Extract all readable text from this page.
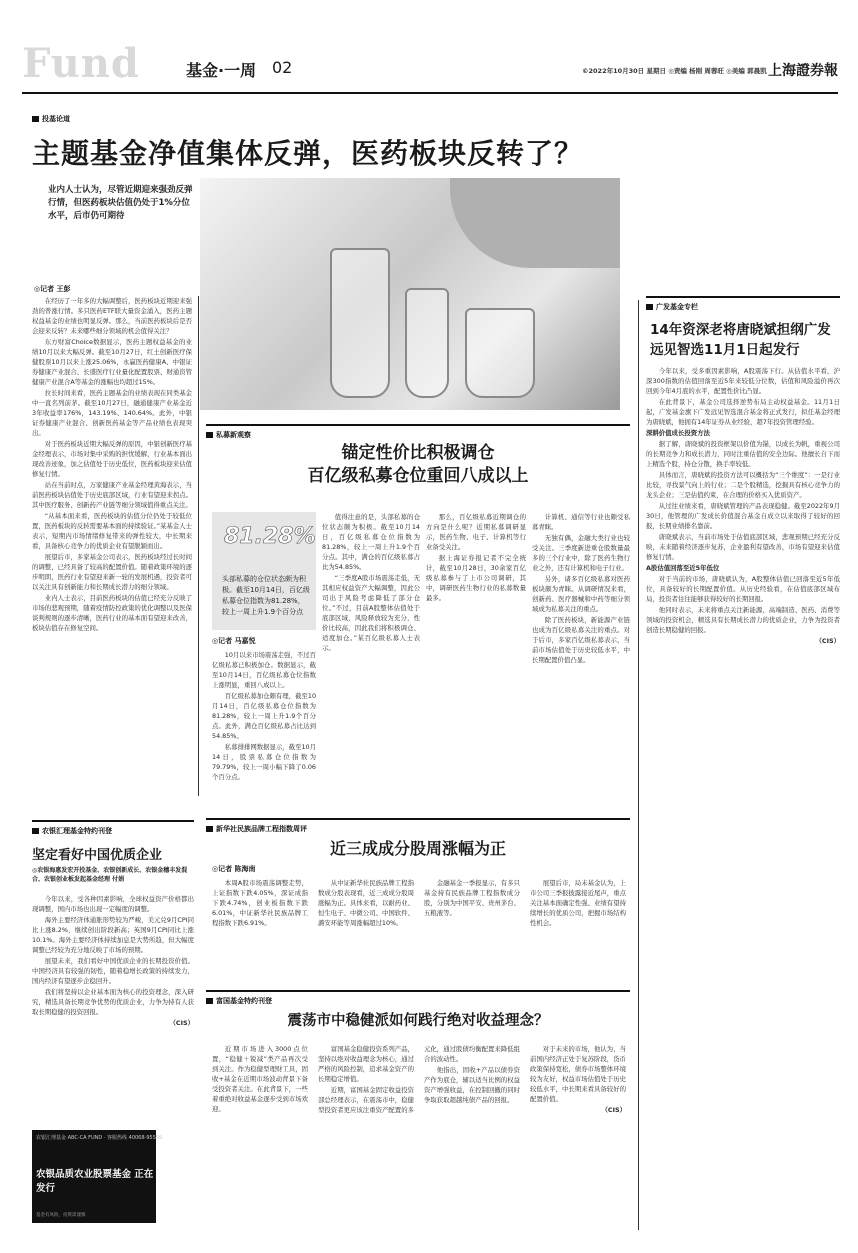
Fund	基金·一周 02	©2022年10月30日 星期日 ◎责编 杨刚 周蓉旺 ◎美编 郭晨凯 上海證券報
投基论道
主题基金净值集体反弹，医药板块反转了？
业内人士认为，尽管近期迎来强劲反弹行情，但医药板块估值仍处于1%分位水平，后市仍可期待
◎记者 王彭

在经历了一年多的大幅调整后，医药板块近期迎来强劲的普涨行情。多只医药ETF联大量资金涌入，医药主题权益基金的业绩也明显反弹。那么，当前医药板块后是否会迎来反转？未来哪些细分领域的机会值得关注？

东方财富Choice数据显示，医药主题权益基金的业绩10月以来大幅反弹。截至10月27日，红土创新医疗保健股票10月以来上涨25.06%，永赢医药健康A、中银证券健康产业混合、长盛医疗行业量化配置股票、财通资管健康产业混合A等基金的涨幅也均超过15%。

拉长时间来看，医药主题基金的业绩表现在同类基金中一直名列前茅。截至10月27日，融通健康产业基金近3年收益率176%，143.19%、140.64%。此外，中银证券健康产业混合、创新医药基金等产品业绩也表现突出。

对于医药板块近期大幅反弹的原因，中银创新医疗基金经理表示，市场对集中采购的担忧缓解，行业基本面出现改善迹象，加之估值处于历史低位，医药板块迎来估值修复行情。

站在当前时点，万家健康产业基金经理黄海表示，当前医药板块估值处于历史底部区域，行业有望迎来拐点。其中医疗服务、创新药产业链等细分领域值得重点关注。

“从基本面来看，医药板块的估值分位仍处于较低位置，医药板块的反转需要基本面的持续验证。”某基金人士表示，短期内市场情绪修复带来的弹性较大，中长期来看，具备核心竞争力的优质企业有望脱颖而出。

展望后市，多家基金公司表示，医药板块经过长时间的调整，已经具备了较高的配置价值。随着政策环境的逐步明朗，医药行业有望迎来新一轮的发展机遇，投资者可以关注具有创新能力和长期成长潜力的细分领域。

业内人士表示，目前医药板块的估值已经充分反映了市场的悲观预期，随着疫情防控政策的优化调整以及医保谈判规则的逐步清晰，医药行业的基本面有望迎来改善，板块估值存在修复空间。

农银汇理基金特约刊登
坚定看好中国优质企业
◎农银海惠发宏开投基金、农银创新成长、农银金穗丰发混合、农银创业板发起基金经理 付娟

今年以来，受各种因素影响，全球权益资产价格都出现调整，国内市场也出现一定幅度的调整。

海外主要经济体通胀形势较为严峻，美元兑9月CPI同比上涨8.2%，继续创出阶段新高；英国9月CPI同比上涨10.1%。海外主要经济体持续加息是大势所趋，但大幅度调整已经较为充分地反映了市场的预期。

展望未来，我们看好中国优质企业的长期投资价值。中国经济具有较强的韧性，随着稳增长政策的持续发力，国内经济有望逐步企稳回升。

我们将坚持以企业基本面为核心的投资理念，深入研究，精选具备长期竞争优势的优质企业，力争为持有人获取长期稳健的投资回报。

（CIS）
农银汇理基金 ABC-CA FUND · 客服热线 40068-95599
农银品质农业股票基金 正在发行
基金有风险，投资需谨慎
私募新观察
锚定性价比积极调仓
百亿级私募仓位重回八成以上
81.28%
头部私募的仓位状态颇为积极。截至10月14日，百亿级私募仓位指数为81.28%，较上一周上升1.9个百分点
◎记者 马嘉悦

10月以来市场震荡走强，不过百亿级私募已积极加仓。数据显示，截至10月14日，百亿级私募仓位指数上涨明显，重回八成以上。

百亿级私募加仓颇有理，截至10月14日，百亿级私募仓位指数为81.28%，较上一周上升1.9个百分点。此外，满仓百亿级私募占比达到54.85%。

私募排排网数据显示，截至10月14日，股票私募仓位指数为79.79%，较上一周小幅下降了0.06个百分点。

值得注意的是，头部私募的仓位状态颇为积极。截至10月14日，百亿级私募仓位指数为81.28%，较上一周上升1.9个百分点。其中，满仓的百亿级私募占比为54.85%。

“三季度A股市场震荡走低，无其相应权益资产大幅调整，因此公司出于风险考虑降低了部分仓位。”不过，目前A股整体估值处于底部区域，风险释放较为充分，性价比较高，因此我们将积极调仓、适度加仓。”某百亿级私募人士表示。

那么，百亿级私募近期调仓的方向是什么呢？近期私募调研显示，医药生物、电子、计算机等行业备受关注。

据上海证券报记者不完全统计，截至10月28日，30余家百亿级私募参与了上市公司调研，其中，调研医药生物行业的私募数量最多。

计算机、通信等行业也颇受私募青睐。

无独有偶，金融大类行业也较受关注。三季度新进重仓股数量最多的三个行业中，除了医药生物行业之外，还有计算机和电子行业。

另外，诸多百亿级私募对医药板块颇为青睐。从调研情况来看，创新药、医疗器械和中药等细分领域成为私募关注的重点。

除了医药板块，新能源产业链也成为百亿级私募关注的重点。对于后市，多家百亿级私募表示，当前市场估值处于历史较低水平，中长期配置价值凸显。

新华社民族品牌工程指数周评
近三成成分股周涨幅为正
◎记者 陈海南

本周A股市场震荡调整走势，上证指数下跌4.05%，深证成指下跌4.74%，创业板指数下跌6.01%，中证新华社民族品牌工程指数下跌6.91%。

从中证新华社民族品牌工程指数成分股表现看，近三成成分股周涨幅为正。具体来看，以耐药业、恒生电子、中微公司、中国软件、潞安环能等周涨幅超过10%。

金融基金一季报显示，有多只基金持有民族品牌工程指数成分股，分别为中国平安、贵州茅台、五粮液等。

展望后市，局未基金认为，上市公司三季报披露接近尾声，重点关注基本面确定性强、业绩有望持续增长的优质公司，把握市场结构性机会。

富国基金特约刊登
震荡市中稳健派如何践行绝对收益理念？

近期市场进入3000点位置，“稳健＋锐减”类产品再次受到关注。作为稳健型理财工具，固收+基金在近期市场波动背景下备受投资者关注。在此背景下，一些着重绝对收益基金逐步受到市场欢迎。

富国基金稳健投资系列产品，坚持以绝对收益理念为核心，通过严格的风险控制，追求基金资产的长期稳定增值。

近期，富国基金固定收益投资部总经理表示，在震荡市中，稳健型投资者更应该注重资产配置的多元化，通过股债均衡配置来降低组合的波动性。

他指出，固收+产品以债券资产作为底仓，辅以适当比例的权益资产增强收益，在控制回撤的同时争取获取超越纯债产品的回报。

对于未来的市场，他认为，当前国内经济正处于复苏阶段，货币政策保持宽松，债券市场整体环境较为友好，权益市场估值处于历史较低水平，中长期来看具备较好的配置价值。

（CIS）
广发基金专栏
14年资深老将唐晓斌担纲广发远见智选11月1日起发行

今年以来，受多重因素影响，A股震荡下行。从估值水平看，沪深300指数的估值回落至近5年来较低分位数，估值和风险溢价再次回到今年4月底的水平，配置性价比凸显。

在此背景下，基金公司选择逆势布局主动权益基金。11月1日起，广发基金旗下广发远见智选混合基金将正式发行，拟任基金经理为唐晓斌，他拥有14年证券从业经验，超7年投资管理经验。

深耕价值成长投资方法

据了解，唐晓斌的投资框架以价值为锚，以成长为帆，重视公司的长期竞争力和成长潜力，同时注重估值的安全边际。他擅长自下而上精选个股，持仓分散，换手率较低。

具体而言，唐晓斌的投资方法可以概括为“三个维度”：一是行业比较，寻找景气向上的行业；二是个股精选，挖掘具有核心竞争力的龙头企业；三是估值约束，在合理的价格买入优质资产。

从过往业绩来看，唐晓斌管理的产品表现稳健。截至2022年9月30日，他管理的广发成长价值混合基金自成立以来取得了较好的回报，长期业绩排名靠前。

唐晓斌表示，当前市场处于估值底部区域，悲观预期已经充分反映，未来随着经济逐步复苏，企业盈利有望改善，市场有望迎来估值修复行情。

A股估值回落至近5年低位

对于当前的市场，唐晓斌认为，A股整体估值已回落至近5年低位，具备较好的长期配置价值。从历史经验看，在估值底部区域布局，投资者往往能够获得较好的长期回报。

他同时表示，未来将重点关注新能源、高端制造、医药、消费等领域的投资机会，精选具有长期成长潜力的优质企业，力争为投资者创造长期稳健的回报。

（CIS）
